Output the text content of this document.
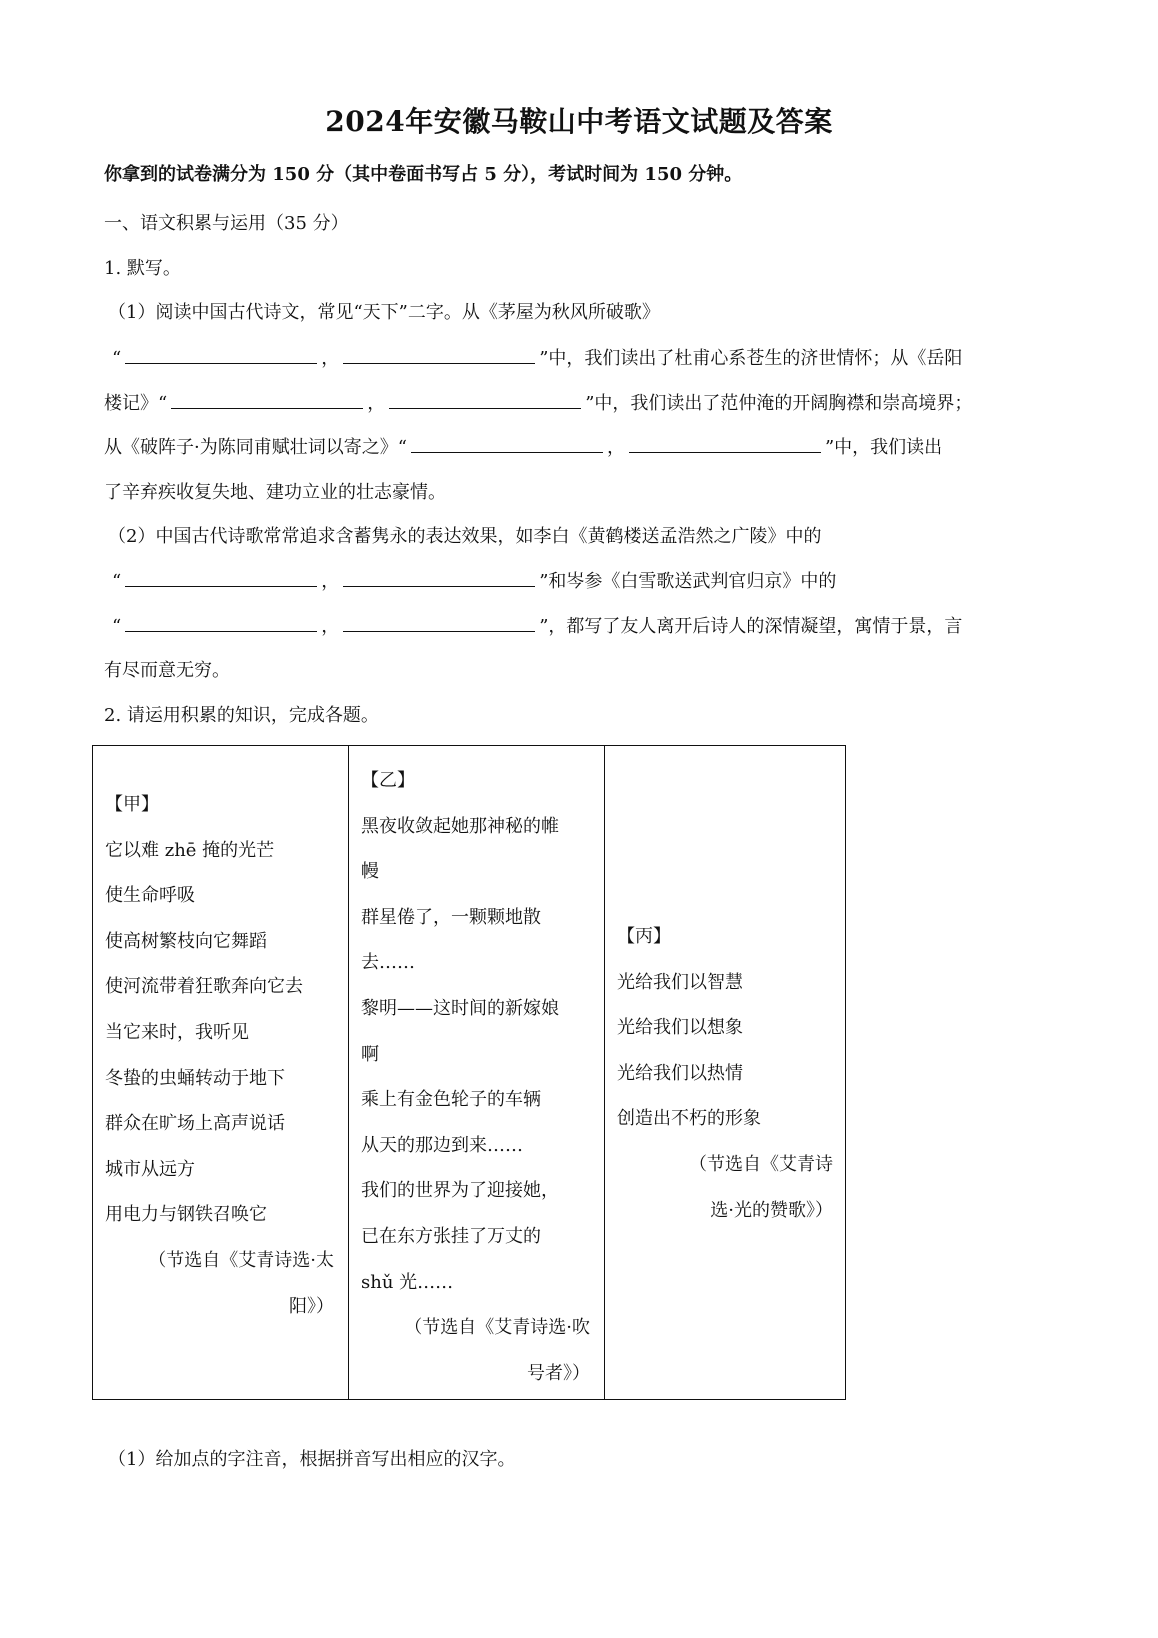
2024年安徽马鞍山中考语文试题及答案
你拿到的试卷满分为 150 分（其中卷面书写占 5 分），考试时间为 150 分钟。
一、语文积累与运用（35 分）
1. 默写。
（1）阅读中国古代诗文，常见“天下”二字。从《茅屋为秋风所破歌》
“	，	”中，我们读出了杜甫心系苍生的济世情怀；从《岳阳
楼记》“	，	”中，我们读出了范仲淹的开阔胸襟和崇高境界；
从《破阵子·为陈同甫赋壮词以寄之》“	，	”中，我们读出
了辛弃疾收复失地、建功立业的壮志豪情。
（2）中国古代诗歌常常追求含蓄隽永的表达效果，如李白《黄鹤楼送孟浩然之广陵》中的
“	，	”和岑参《白雪歌送武判官归京》中的
“	，	”，都写了友人离开后诗人的深情凝望，寓情于景，言
有尽而意无穷。
2. 请运用积累的知识，完成各题。
【甲】
它以难 zhē 掩的光芒
使生命呼吸
使高树繁枝向它舞蹈
使河流带着狂歌奔向它去
当它来时，我听见
冬蛰的虫蛹转动于地下
群众在旷场上高声说话
城市从远方
用电力与钢铁召唤它
（节选自《艾青诗选·太
阳》）
【乙】
黑夜收敛起她那神秘的帷
幔
群星倦了，一颗颗地散
去……
黎明——这时间的新嫁娘
啊
乘上有金色轮子的车辆
从天的那边到来……
我们的世界为了迎接她，
已在东方张挂了万丈的
shǔ 光……
（节选自《艾青诗选·吹
号者》）
【丙】
光给我们以智慧
光给我们以想象
光给我们以热情
创造出不朽的形象
（节选自《艾青诗
选·光的赞歌》）
（1）给加点的字注音，根据拼音写出相应的汉字。
